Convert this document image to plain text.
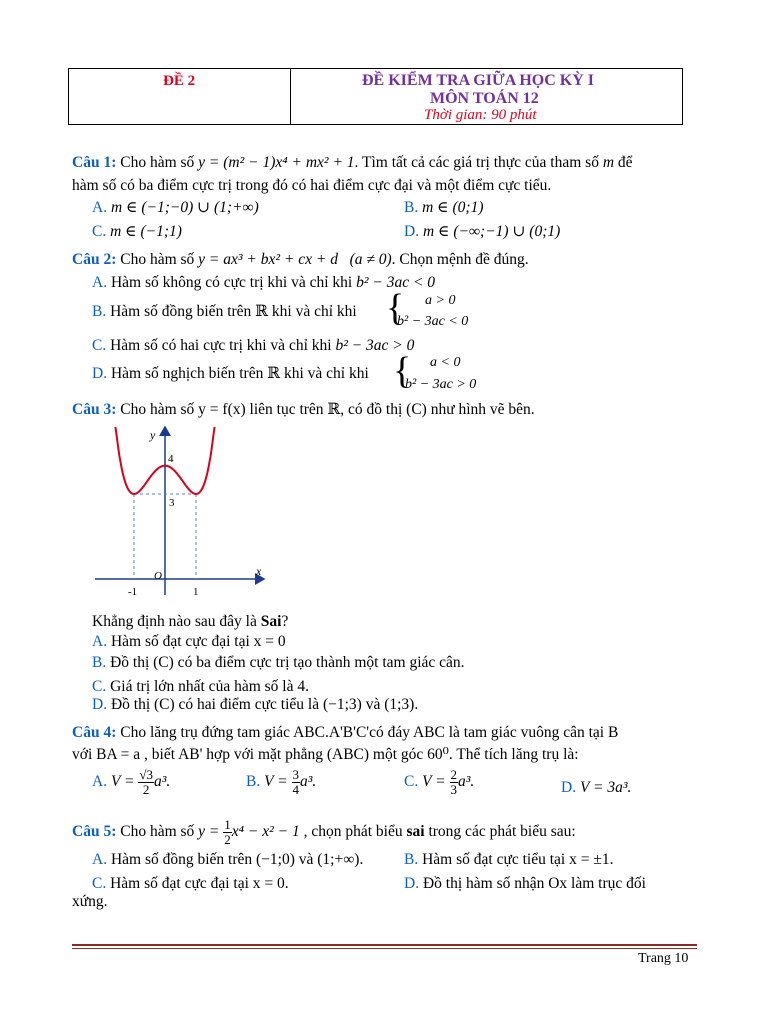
ĐỀ 2	ĐỀ KIỂM TRA GIỮA HỌC KỲ I
MÔN TOÁN 12
Thời gian: 90 phút
Câu 1: Cho hàm số y = (m² − 1)x⁴ + mx² + 1. Tìm tất cả các giá trị thực của tham số m để
hàm số có ba điểm cực trị trong đó có hai điểm cực đại và một điểm cực tiểu.
A. m ∈ (−1;−0) ∪ (1;+∞)	B. m ∈ (0;1)
C. m ∈ (−1;1)	D. m ∈ (−∞;−1) ∪ (0;1)
Câu 2: Cho hàm số y = ax³ + bx² + cx + d (a ≠ 0). Chọn mệnh đề đúng.
A. Hàm số không có cực trị khi và chỉ khi b² − 3ac < 0
B. Hàm số đồng biến trên ℝ khi và chỉ khi { a > 0
b² − 3ac < 0
C. Hàm số có hai cực trị khi và chỉ khi b² − 3ac > 0
D. Hàm số nghịch biến trên ℝ khi và chỉ khi { a < 0
b² − 3ac > 0
Câu 3: Cho hàm số y = f(x) liên tục trên ℝ, có đồ thị (C) như hình vẽ bên.
y
x
O
4
3
-1	1
Khẳng định nào sau đây là Sai?
A. Hàm số đạt cực đại tại x = 0
B. Đồ thị (C) có ba điểm cực trị tạo thành một tam giác cân.
C. Giá trị lớn nhất của hàm số là 4.
D. Đồ thị (C) có hai điểm cực tiểu là (−1;3) và (1;3).
Câu 4: Cho lăng trụ đứng tam giác ABC.A'B'C'có đáy ABC là tam giác vuông cân tại B
với BA = a , biết AB' hợp với mặt phẳng (ABC) một góc 60⁰. Thể tích lăng trụ là:
A. $V = \frac{√3}{2} a^3$.	B. $V = \frac{3}{4} a^3$.	C. $V = \frac{2}{3} a^3$.	D. V = 3a³.
Câu 5: Cho hàm số $y = \frac{1}{2} x^4 - x^2 - 1$ , chọn phát biểu sai trong các phát biểu sau:
A. Hàm số đồng biến trên (−1;0) và (1;+∞).	B. Hàm số đạt cực tiểu tại x = ±1.
C. Hàm số đạt cực đại tại x = 0.	D. Đồ thị hàm số nhận Ox làm trục đối
xứng.
Trang 10
